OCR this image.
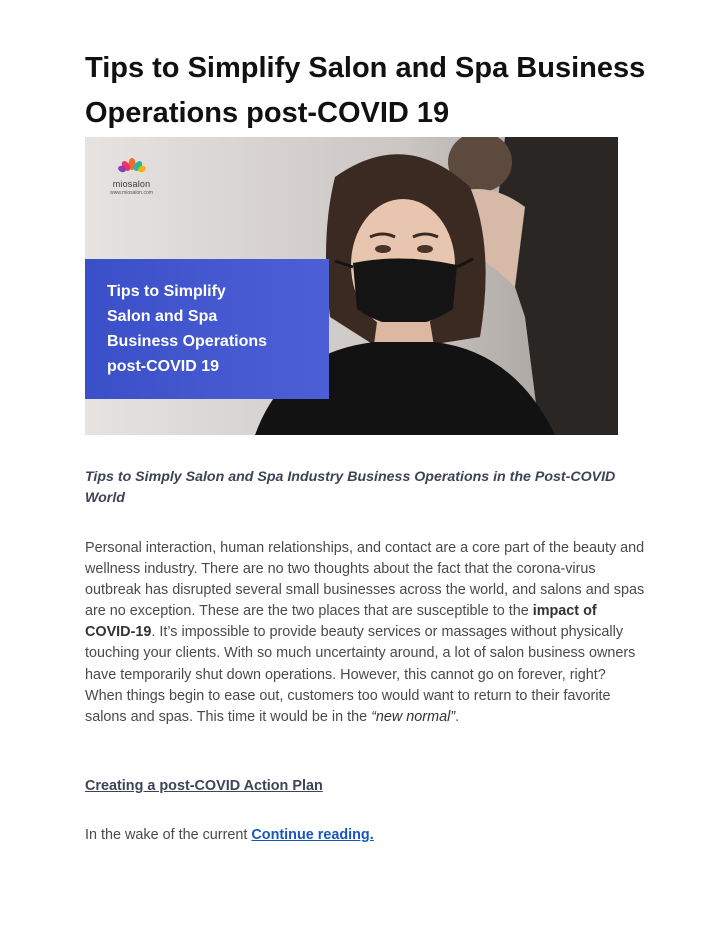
Tips to Simplify Salon and Spa Business Operations post-COVID 19
miosalon
www.miosalon.com
Tips to Simplify
Salon and Spa
Business Operations
post-COVID 19
Tips to Simply Salon and Spa Industry Business Operations in the Post-COVID World

Personal interaction, human relationships, and contact are a core part of the beauty and wellness industry. There are no two thoughts about the fact that the corona-virus outbreak has disrupted several small businesses across the world, and salons and spas are no exception. These are the two places that are susceptible to the impact of COVID-19. It’s impossible to provide beauty services or massages without physically touching your clients. With so much uncertainty around, a lot of salon business owners have temporarily shut down operations. However, this cannot go on forever, right? When things begin to ease out, customers too would want to return to their favorite salons and spas. This time it would be in the “new normal”.

Creating a post-COVID Action Plan
In the wake of the current Continue reading.
